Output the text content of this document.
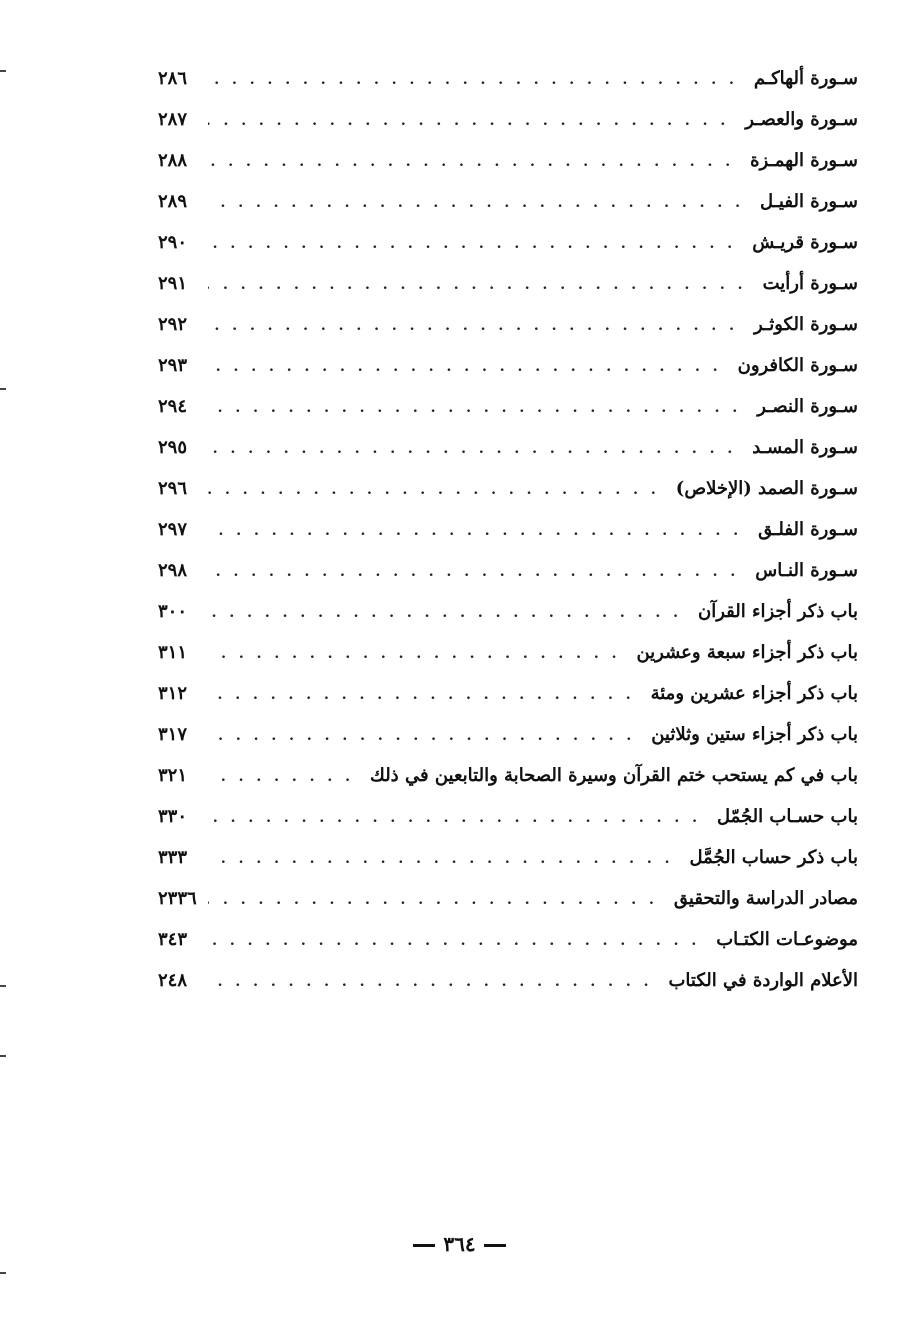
سـورة ألهاكـم
. . .
٢٨٦
سـورة والعصـر
. . .
٢٨٧
سـورة الهمـزة
. . .
٢٨٨
سـورة الفيـل
. . .
٢٨٩
سـورة قريـش
. . .
٢٩٠
سـورة أرأيت
. . .
٢٩١
سـورة الكوثـر
. . .
٢٩٢
سـورة الكافرون
. . .
٢٩٣
سـورة النصـر
. . .
٢٩٤
سـورة المسـد
. . .
٢٩٥
سـورة الصمد (الإخلاص)
. . .
٢٩٦
سـورة الفلـق
. . .
٢٩٧
سـورة النـاس
. . .
٢٩٨
باب ذكر أجزاء القرآن
. . .
٣٠٠
باب ذكر أجزاء سبعة وعشرين
. . .
٣١١
باب ذكر أجزاء عشرين ومئة
. . .
٣١٢
باب ذكر أجزاء ستين وثلاثين
. . .
٣١٧
باب في كم يستحب ختم القرآن وسيرة الصحابة والتابعين في ذلك
. . .
٣٢١
باب حسـاب الجُمّل
. . .
٣٣٠
باب ذكر حساب الجُمَّل
. . .
٣٣٣
مصادر الدراسة والتحقيق
. . .
٢٣٣٦
موضوعـات الكتـاب
. . .
٣٤٣
الأعلام الواردة في الكتاب
. . .
٢٤٨
٣٦٤
